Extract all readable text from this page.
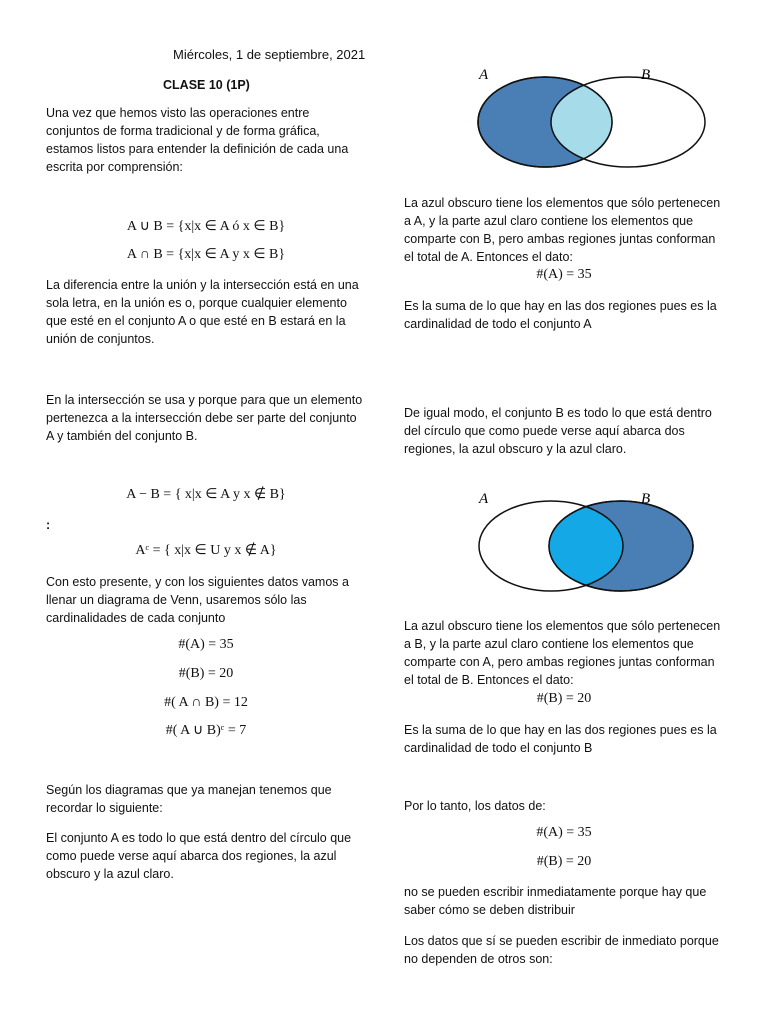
Miércoles, 1 de septiembre, 2021

CLASE 10 (1P)

Una vez que hemos visto las operaciones entre conjuntos de forma tradicional y de forma gráfica, estamos listos para entender la definición de cada una escrita por comprensión:

A ∪ B = {x|x ∈ A ó x ∈ B}

A ∩ B = {x|x ∈ A y x ∈ B}

La diferencia entre la unión y la intersección está en una sola letra, en la unión es o, porque cualquier elemento que esté en el conjunto A o que esté en B estará en la unión de conjuntos.

En la intersección se usa y porque para que un elemento pertenezca a la intersección debe ser parte del conjunto A y también del conjunto B.

A − B = { x|x ∈ A y x ∉ B}

:

Aᶜ = { x|x ∈ U y x ∉ A}

Con esto presente, y con los siguientes datos vamos a llenar un diagrama de Venn, usaremos sólo las cardinalidades de cada conjunto

#(A) = 35

#(B) = 20

#( A ∩ B) = 12

#( A ∪ B)ᶜ = 7

Según los diagramas que ya manejan tenemos que recordar lo siguiente:

El conjunto A es todo lo que está dentro del círculo que como puede verse aquí abarca dos regiones, la azul obscuro y la azul claro.

A	B

La azul obscuro tiene los elementos que sólo pertenecen a A, y la parte azul claro contiene los elementos que comparte con B, pero ambas regiones juntas conforman el total de A. Entonces el dato:

#(A) = 35

Es la suma de lo que hay en las dos regiones pues es la cardinalidad de todo el conjunto A

De igual modo, el conjunto B es todo lo que está dentro del círculo que como puede verse aquí abarca dos regiones, la azul obscuro y la azul claro.

A	B

La azul obscuro tiene los elementos que sólo pertenecen a B, y la parte azul claro contiene los elementos que comparte con A, pero ambas regiones juntas conforman el total de B. Entonces el dato:

#(B) = 20

Es la suma de lo que hay en las dos regiones pues es la cardinalidad de todo el conjunto B

Por lo tanto, los datos de:

#(A) = 35

#(B) = 20

no se pueden escribir inmediatamente porque hay que saber cómo se deben distribuir

Los datos que sí se pueden escribir de inmediato porque no dependen de otros son:
